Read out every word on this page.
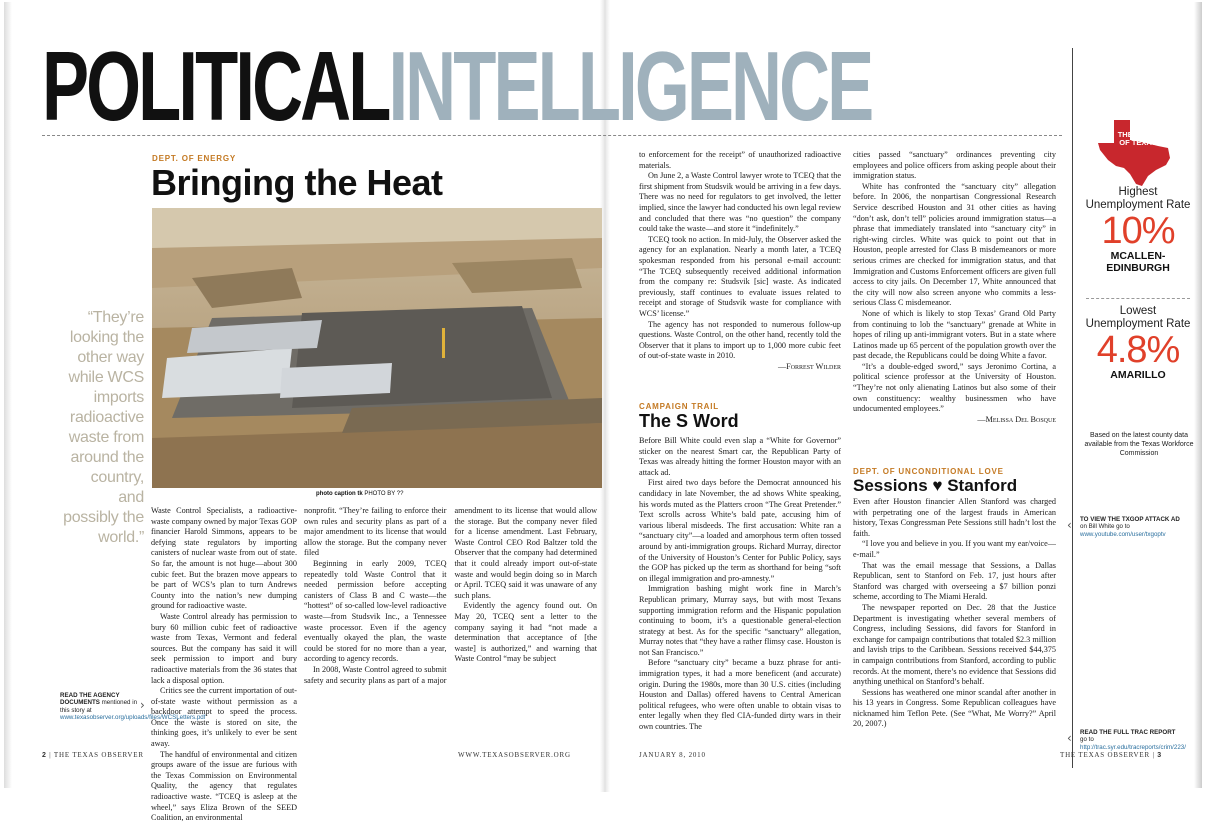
POLITICALINTELLIGENCE
DEPT. OF ENERGY
Bringing the Heat
photo caption tk PHOTO BY ??
“They’re looking the other way while WCS imports radioactive waste from around the country, and possibly the world.”

Waste Control Specialists, a radioactive-waste company owned by major Texas GOP financier Harold Simmons, appears to be defying state regulators by importing canisters of nuclear waste from out of state. So far, the amount is not huge—about 300 cubic feet. But the brazen move appears to be part of WCS’s plan to turn Andrews County into the nation’s new dumping ground for radioactive waste.

Waste Control already has permission to bury 60 million cubic feet of radioactive waste from Texas, Vermont and federal sources. But the company has said it will seek permission to import and bury radioactive materials from the 36 states that lack a disposal option.

Critics see the current importation of out-of-state waste without permission as a backdoor attempt to speed the process. Once the waste is stored on site, the thinking goes, it’s unlikely to ever be sent away.

The handful of environmental and citizen groups aware of the issue are furious with the Texas Commission on Environmental Quality, the agency that regulates radioactive waste. “TCEQ is asleep at the wheel,” says Eliza Brown of the SEED Coalition, an environmental

nonprofit. “They’re failing to enforce their own rules and security plans as part of a major amendment to its license that would allow the storage. But the company never filed

Beginning in early 2009, TCEQ repeatedly told Waste Control that it needed permission before accepting canisters of Class B and C waste—the “hottest” of so-called low-level radioactive waste—from Studsvik Inc., a Tennessee waste processor. Even if the agency eventually okayed the plan, the waste could be stored for no more than a year, according to agency records.

In 2008, Waste Control agreed to submit safety and security plans as part of a major amendment to its license that would allow the storage. But the company never filed for a license amendment. Last February, Waste Control CEO Rod Baltzer told the Observer that the company had determined that it could already import out-of-state waste and would begin doing so in March or April. TCEQ said it was unaware of any such plans.

Evidently the agency found out. On May 20, TCEQ sent a letter to the company saying it had “not made a determination that acceptance of [the waste] is authorized,” and warning that Waste Control “may be subject

to enforcement for the receipt” of unauthorized radioactive materials.

On June 2, a Waste Control lawyer wrote to TCEQ that the first shipment from Studsvik would be arriving in a few days. There was no need for regulators to get involved, the letter implied, since the lawyer had conducted his own legal review and concluded that there was “no question” the company could take the waste—and store it “indefinitely.”

TCEQ took no action. In mid-July, the Observer asked the agency for an explanation. Nearly a month later, a TCEQ spokesman responded from his personal e-mail account: “The TCEQ subsequently received additional information from the company re: Studsvik [sic] waste. As indicated previously, staff continues to evaluate issues related to receipt and storage of Studsvik waste for compliance with WCS’ license.”

The agency has not responded to numerous follow-up questions. Waste Control, on the other hand, recently told the Observer that it plans to import up to 1,000 more cubic feet of out-of-state waste in 2010.

—Forrest Wilder

CAMPAIGN TRAIL
The S Word

Before Bill White could even slap a “White for Governor” sticker on the nearest Smart car, the Republican Party of Texas was already hitting the former Houston mayor with an attack ad.

First aired two days before the Democrat announced his candidacy in late November, the ad shows White speaking, his words muted as the Platters croon “The Great Pretender.” Text scrolls across White’s bald pate, accusing him of various liberal misdeeds. The first accusation: White ran a “sanctuary city”—a loaded and amorphous term often tossed around by anti-immigration groups. Richard Murray, director of the University of Houston’s Center for Public Policy, says the GOP has picked up the term as shorthand for being “soft on illegal immigration and pro-amnesty.”

Immigration bashing might work fine in March’s Republican primary, Murray says, but with most Texans supporting immigration reform and the Hispanic population continuing to boom, it’s a questionable general-election strategy at best. As for the specific “sanctuary” allegation, Murray notes that “they have a rather flimsy case. Houston is not San Francisco.”

Before “sanctuary city” became a buzz phrase for anti-immigration types, it had a more beneficent (and accurate) origin. During the 1980s, more than 30 U.S. cities (including Houston and Dallas) offered havens to Central American political refugees, who were often unable to obtain visas to enter legally when they fled CIA-funded dirty wars in their own countries. The

cities passed “sanctuary” ordinances preventing city employees and police officers from asking people about their immigration status.

White has confronted the “sanctuary city” allegation before. In 2006, the nonpartisan Congressional Research Service described Houston and 31 other cities as having “don’t ask, don’t tell” policies around immigration status—a phrase that immediately translated into “sanctuary city” in right-wing circles. White was quick to point out that in Houston, people arrested for Class B misdemeanors or more serious crimes are checked for immigration status, and that Immigration and Customs Enforcement officers are given full access to city jails. On December 17, White announced that the city will now also screen anyone who commits a less-serious Class C misdemeanor.

None of which is likely to stop Texas’ Grand Old Party from continuing to lob the “sanctuary” grenade at White in hopes of riling up anti-immigrant voters. But in a state where Latinos made up 65 percent of the population growth over the past decade, the Republicans could be doing White a favor.

“It’s a double-edged sword,” says Jeronimo Cortina, a political science professor at the University of Houston. “They’re not only alienating Latinos but also some of their own constituency: wealthy businessmen who have undocumented employees.”

—Melissa Del Bosque

DEPT. OF UNCONDITIONAL LOVE
Sessions ♥ Stanford

Even after Houston financier Allen Stanford was charged with perpetrating one of the largest frauds in American history, Texas Congressman Pete Sessions still hadn’t lost the faith.

“I love you and believe in you. If you want my ear/voice—e-mail.”

That was the email message that Sessions, a Dallas Republican, sent to Stanford on Feb. 17, just hours after Stanford was charged with overseeing a $7 billion ponzi scheme, according to The Miami Herald.

The newspaper reported on Dec. 28 that the Justice Department is investigating whether several members of Congress, including Sessions, did favors for Stanford in exchange for campaign contributions that totaled $2.3 million and lavish trips to the Caribbean. Sessions received $44,375 in campaign contributions from Stanford, according to public records. At the moment, there’s no evidence that Sessions did anything unethical on Stanford’s behalf.

Sessions has weathered one minor scandal after another in his 13 years in Congress. Some Republican colleagues have nicknamed him Teflon Pete. (See “What, Me Worry?” April 20, 2007.)

READ THE AGENCY DOCUMENTS mentioned in this story at www.texasobserver.org/uploads/files/WCSLetters.pdf
›
TO VIEW THE TXGOP ATTACK AD on Bill White go to www.youtube.com/user/txgoptv
‹
READ THE FULL TRAC REPORT go to http://trac.syr.edu/tracreports/crim/223/
‹
THE STATE OF TEXAS
Highest Unemployment Rate
10%
MCALLEN-EDINBURGH
Lowest Unemployment Rate
4.8%
AMARILLO
Based on the latest county data available from the Texas Workforce Commission
2 | THE TEXAS OBSERVER	WWW.TEXASOBSERVER.ORG	JANUARY 8, 2010	THE TEXAS OBSERVER | 3
